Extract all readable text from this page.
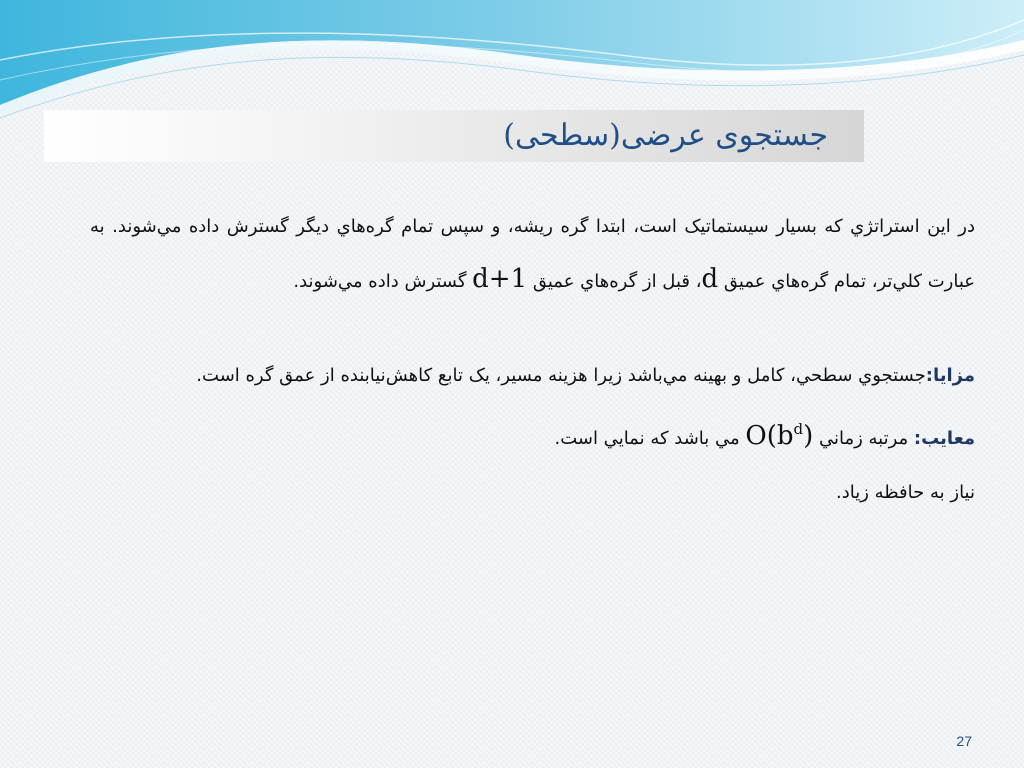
جستجوی عرضی(سطحی)

در اين استراتژي كه بسيار سيستماتيک است، ابتدا گره ريشه، و سپس تمام گره‌هاي ديگر گسترش داده مي‌شوند. به عبارت كلي‌تر، تمام گره‌هاي عميق d، قبل از گره‌هاي عميق d+1 گسترش داده مي‌شوند.

مزايا:جستجوي سطحي، كامل و بهينه مي‌باشد زيرا هزينه مسير، يک تابع كاهش‌نيابنده از عمق گره است.

معايب: مرتبه زماني $O(b^d)$ مي باشد كه نمايي است.

نياز به حافظه زياد.

27
